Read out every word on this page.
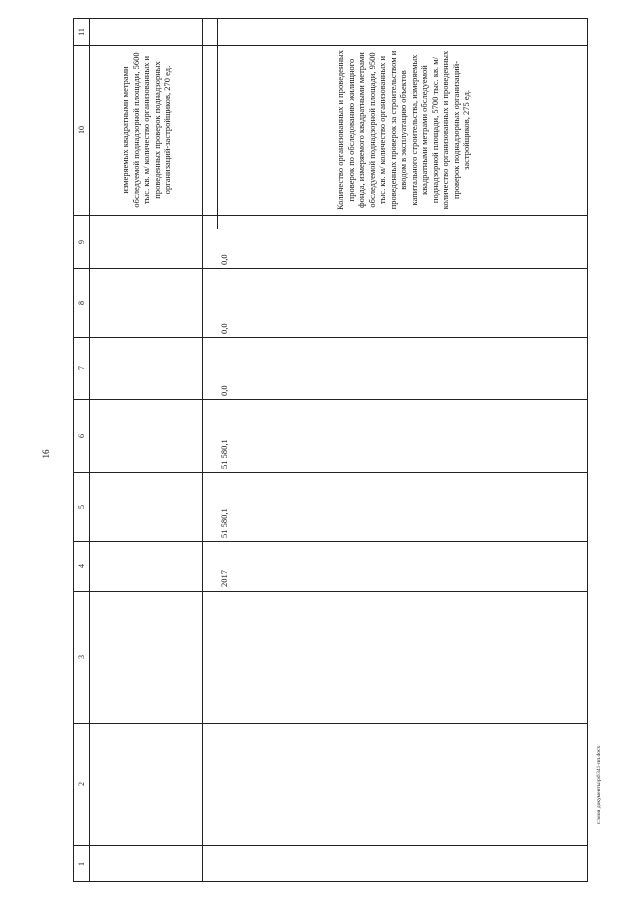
16
11
10
9
8
7
6
5
4
3
2
1
измеряемых квадратными метрами обследуемой поднадзорной площади, 5600 тыс. кв. м/ количество организованных и проведенных проверок поднадзорных организаций-застройщиков, 270 ед.
2017
51 580,1
51 580,1
0,0
0,0
0,0
Количество организованных и проведенных проверок по обследованию жилищного фонда, измеряемого квадратными метрами обследуемой поднадзорной площади, 9500 тыс. кв. м/ количество организованных и проведенных проверок за строительством и вводом в эксплуатацию объектов капитального строительства, измеряемых квадратными метрами обследуемой поднадзорной площади, 5700 тыс. кв. м/ количество организованных и проведенных проверок поднадзорных организаций-застройщиков, 275 ед.
c:\мои документы\pd\341-пп.docx
